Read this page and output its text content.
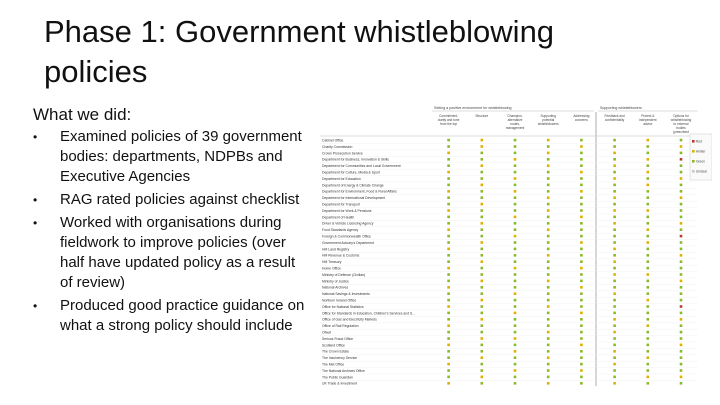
Phase 1: Government whistleblowing policies
What we did:
• Examined policies of 39 government bodies: departments, NDPBs and Executive Agencies
• RAG rated policies against checklist
• Worked with organisations during fieldwork to improve policies (over half have updated policy as a result of review)
• Produced good practice guidance on what a strong policy should include
Setting a positive environment for whistleblowing	Supporting whistleblowers
Commitment,
clarity and tone
from the top
Structure	Champion,
alternative
routes,
management
Supporting
potential
whistleblowers
Addressing
concerns
Feedback and
confidentiality
Protect &
independent
advice
Options for
whistleblowing
to external
bodies
(prescribed
Cabinet Office
Charity Commission
Crown Prosecution Service
Department for Business, Innovation & Skills
Department for Communities and Local Government
Department for Culture, Media & Sport
Department for Education
Department of Energy & Climate Change
Department for Environment, Food & Rural Affairs
Department for International Development
Department for Transport
Department for Work & Pensions
Department of Health
Driver & Vehicle Licensing Agency
Food Standards Agency
Foreign & Commonwealth Office
Government Actuary's Department
HM Land Registry
HM Revenue & Customs
HM Treasury
Home Office
Ministry of Defence (Civilian)
Ministry of Justice
National Archives
National Savings & Investments
Northern Ireland Office
Office for National Statistics
Office for Standards in Education, Children's Services and S…
Office of Gas and Electricity Markets
Office of Rail Regulation
Ofwat
Serious Fraud Office
Scotland Office
The Crown Estate
The Insolvency Service
The Met Office
The National Archives Office
The Public Guardian
UK Trade & Investment
Red
Amber
Green
Unclear
